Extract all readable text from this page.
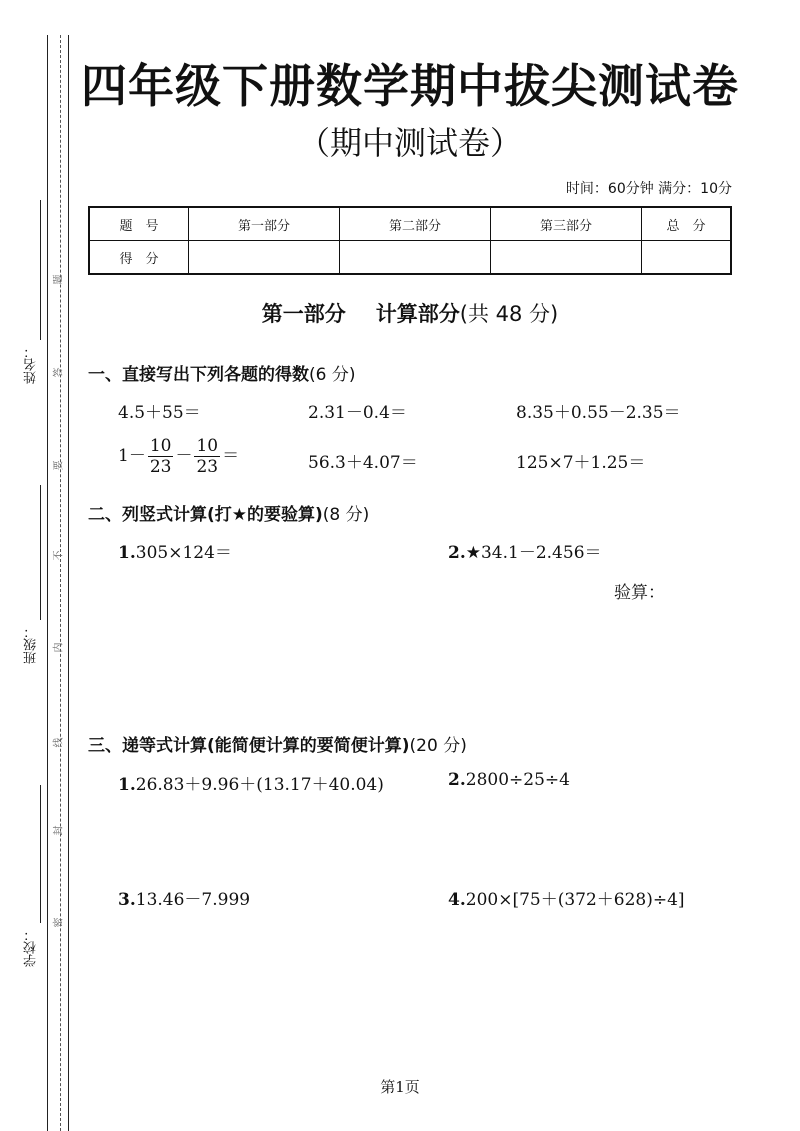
姓名：
班级：
学校：
题
答
要
不
内
线
封
密
四年级下册数学期中拔尖测试卷
（期中测试卷）
时间：60分钟 满分：10分
题　号	第一部分	第二部分	第三部分	总　分
得　分				
第一部分 计算部分(共 48 分)
一、直接写出下列各题的得数(6 分)
4.5＋55＝	2.31－0.4＝	8.35＋0.55－2.35＝
$1- \frac{10}{23} - \frac{10}{23}$ ＝	56.3＋4.07＝	125×7＋1.25＝
二、列竖式计算(打★的要验算)(8 分)
1.305×124＝	2.★34.1－2.456＝
验算：
三、递等式计算(能简便计算的要简便计算)(20 分)
1.26.83＋9.96＋(13.17＋40.04)	2.2800÷25÷4
3.13.46－7.999	4.200×[75＋(372＋628)÷4]
第1页
